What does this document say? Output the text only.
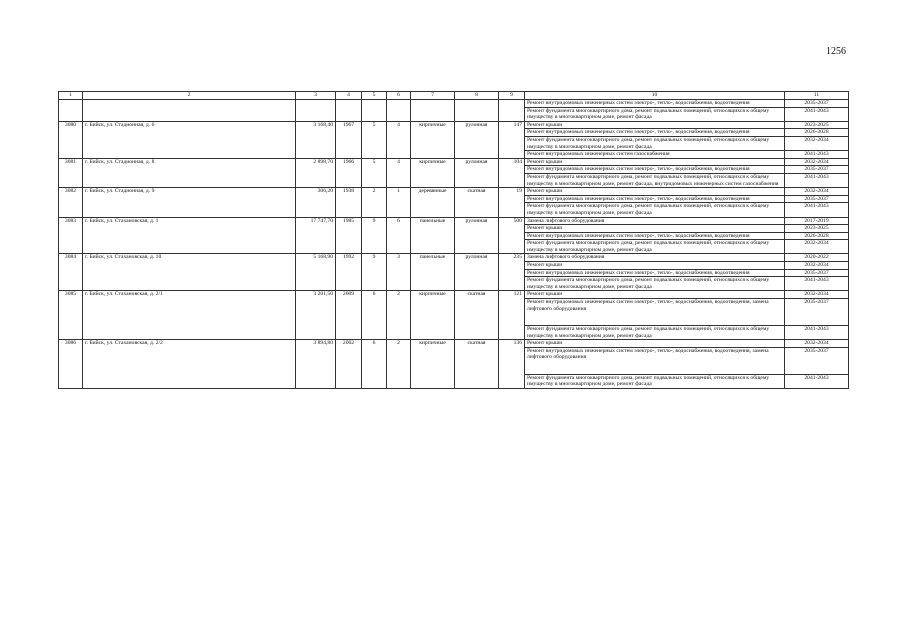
1256
1	2	3	4	5	6	7	8	9	10	11
									Ремонт внутридомовых инженерных систем электро-, тепло-, водоснабжения, водоотведения	2035-2037
									Ремонт фундамента многоквартирного дома, ремонт подвальных помещений, относящихся к общему имуществу в многоквартирном доме, ремонт фасада	2041-2043
3080	г. Бийск, ул. Стадионная, д. 6	3 168,40	1967	5	4	кирпичные	рулонная	147	Ремонт крыши	2023-2025
									Ремонт внутридомовых инженерных систем электро-, тепло-, водоснабжения, водоотведения	2026-2028
									Ремонт фундамента многоквартирного дома, ремонт подвальных помещений, относящихся к общему имуществу в многоквартирном доме, ремонт фасада	2032-2034
									Ремонт внутридомовых инженерных систем газоснабжения	2041-2043
3081	г. Бийск, ул. Стадионная, д. 8	2 898,70	1966	5	4	кирпичные	рулонная	104	Ремонт крыши	2032-2034
									Ремонт внутридомовых инженерных систем электро-, тепло-, водоснабжения, водоотведения	2035-2037
									Ремонт фундамента многоквартирного дома, ремонт подвальных помещений, относящихся к общему имуществу в многоквартирном доме, ремонт фасада, внутридомовых инженерных систем газоснабжения	2041-2043
3082	г. Бийск, ул. Стадионная, д. 9	306,20	1938	2	1	деревянные	скатная	19	Ремонт крыши	2032-2034
									Ремонт внутридомовых инженерных систем электро-, тепло-, водоснабжения, водоотведения	2035-2037
									Ремонт фундамента многоквартирного дома, ремонт подвальных помещений, относящихся к общему имуществу в многоквартирном доме, ремонт фасада	2041-2043
3083	г. Бийск, ул. Стахановская, д. 1	17 747,70	1985	9	6	панельные	рулонная	500	Замена лифтового оборудования	2017-2019
									Ремонт крыши	2023-2025
									Ремонт внутридомовых инженерных систем электро-, тепло-, водоснабжения, водоотведения	2026-2028
									Ремонт фундамента многоквартирного дома, ремонт подвальных помещений, относящихся к общему имуществу в многоквартирном доме, ремонт фасада	2032-2034
3084	г. Бийск, ул. Стахановская, д. 10	5 168,90	1992	9	3	панельные	рулонная	235	Замена лифтового оборудования	2020-2022
									Ремонт крыши	2032-2034
									Ремонт внутридомовых инженерных систем электро-, тепло-, водоснабжения, водоотведения	2035-2037
									Ремонт фундамента многоквартирного дома, ремонт подвальных помещений, относящихся к общему имуществу в многоквартирном доме, ремонт фасада	2041-2043
3085	г. Бийск, ул. Стахановская, д. 2/1	3 201,50	2009	6	2	кирпичные	скатная	121	Ремонт крыши	2032-2034
									Ремонт внутридомовых инженерных систем электро-, тепло-, водоснабжения, водоотведения, замена лифтового оборудования	2035-2037
									Ремонт фундамента многоквартирного дома, ремонт подвальных помещений, относящихся к общему имуществу в многоквартирном доме, ремонт фасада	2041-2043
3086	г. Бийск, ул. Стахановская, д. 2/2	3 894,80	2002	6	2	кирпичные	скатная	136	Ремонт крыши	2032-2034
									Ремонт внутридомовых инженерных систем электро-, тепло-, водоснабжения, водоотведения, замена лифтового оборудования	2035-2037
									Ремонт фундамента многоквартирного дома, ремонт подвальных помещений, относящихся к общему имуществу в многоквартирном доме, ремонт фасада	2041-2043
